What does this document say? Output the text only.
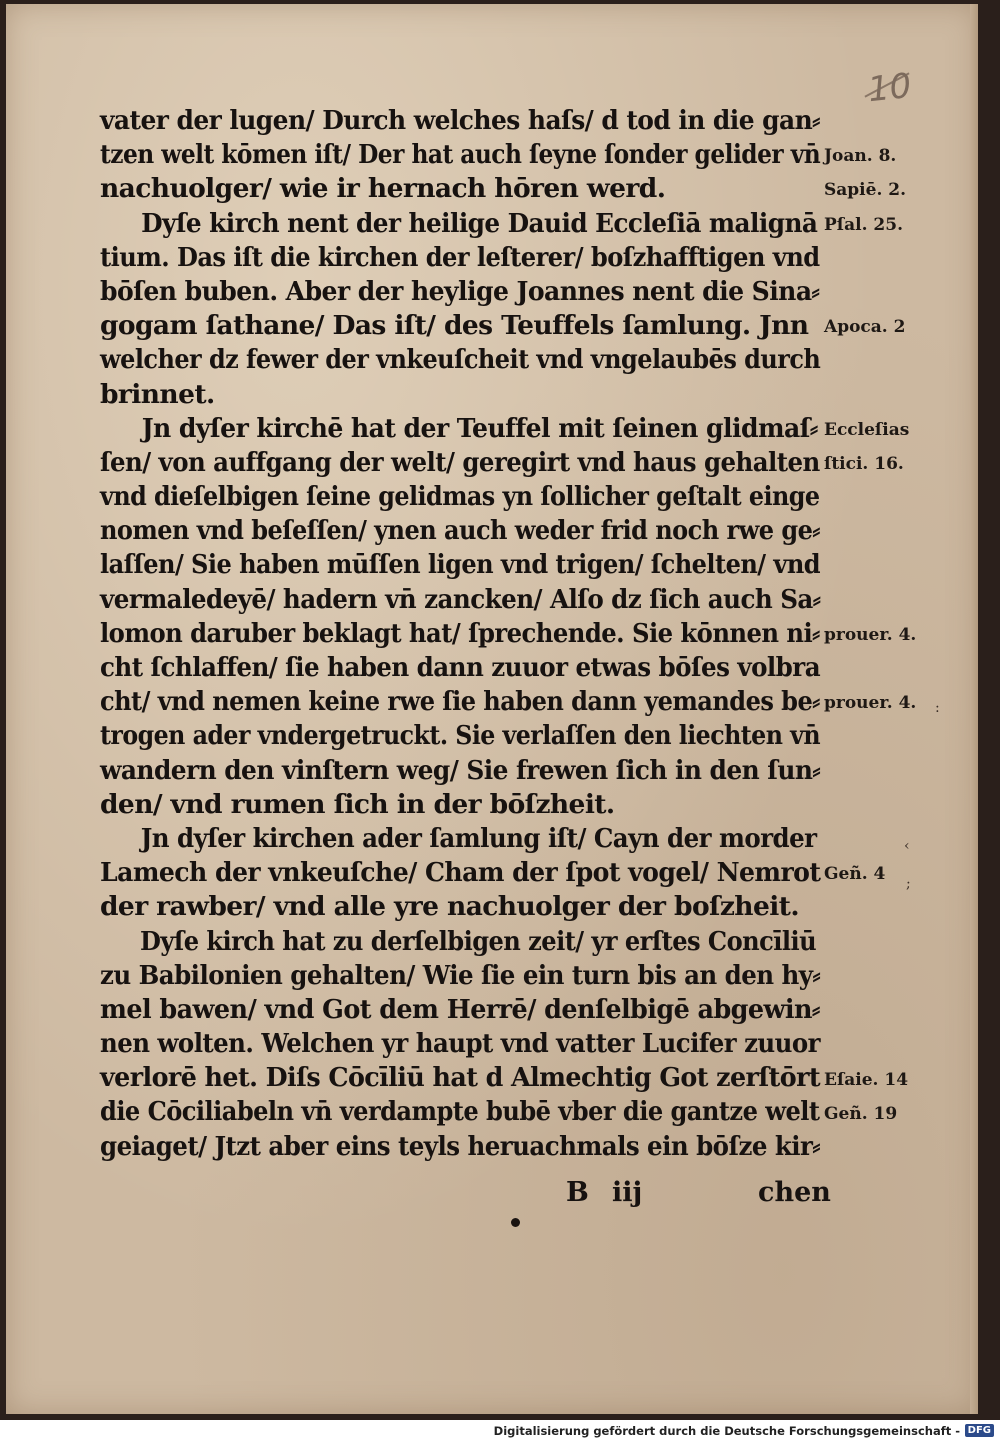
10
vater der lugen/ Durch welches haſs/ d tod in die gan⸗
tzen welt kōmen iſt/ Der hat auch ſeyne ſonder gelider vn̄
nachuolger/ wie ir hernach hōren werd.
Dyſe kirch nent der heilige Dauid Eccleſiā malignā
tium. Das iſt die kirchen der leſterer/ boſzhafftigen vnd
bōſen buben. Aber der heylige Joannes nent die Sina⸗
gogam ſathane/ Das iſt/ des Teuffels ſamlung. Jnn
welcher dz fewer der vnkeuſcheit vnd vngelaubēs durch
brinnet.
Jn dyſer kirchē hat der Teuffel mit ſeinen glidmaſ⸗
ſen/ von auffgang der welt/ geregirt vnd haus gehalten
vnd dieſelbigen ſeine gelidmas yn ſollicher geſtalt einge
nomen vnd beſeſſen/ ynen auch weder frid noch rwe ge⸗
laſſen/ Sie haben mūſſen ligen vnd trigen/ ſchelten/ vnd
vermaledeyē/ hadern vn̄ zancken/ Alſo dz ſich auch Sa⸗
lomon daruber beklagt hat/ ſprechende. Sie kōnnen ni⸗
cht ſchlaffen/ ſie haben dann zuuor etwas bōſes volbra
cht/ vnd nemen keine rwe ſie haben dann yemandes be⸗
trogen ader vndergetruckt. Sie verlaſſen den liechten vn̄
wandern den vinſtern weg/ Sie frewen ſich in den ſun⸗
den/ vnd rumen ſich in der bōſzheit.
Jn dyſer kirchen ader ſamlung iſt/ Cayn der morder
Lamech der vnkeuſche/ Cham der ſpot vogel/ Nemrot
der rawber/ vnd alle yre nachuolger der boſzheit.
Dyſe kirch hat zu derſelbigen zeit/ yr erſtes Concīliū
zu Babilonien gehalten/ Wie ſie ein turn bis an den hy⸗
mel bawen/ vnd Got dem Herrē/ denſelbigē abgewin⸗
nen wolten. Welchen yr haupt vnd vatter Lucifer zuuor
verlorē het. Diſs Cōcīliū hat d Almechtig Got zerſtōrt
die Cōciliabeln vn̄ verdampte bubē vber die gantze welt
geiaget/ Jtzt aber eins teyls heruachmals ein bōſze kir⸗
Joan. 8.
Sapiē. 2.
Pſal. 25.
Apoca. 2
Eccleſias
ſtici. 16.
prouer. 4.
prouer. 4.
Geñ. 4
Eſaie. 14
Geñ. 19
‹
;
:
B iij	chen
Digitalisierung gefördert durch die Deutsche Forschungsgemeinschaft - DFG
